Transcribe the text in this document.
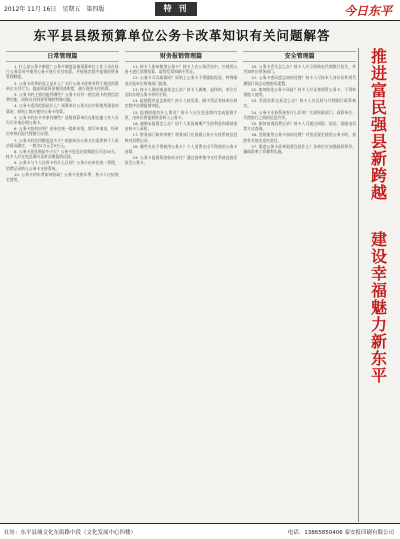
2012年 11月 16日 星期五 第四版	特 刊	今日东平
东平县县级预算单位公务卡改革知识有关问题解答
日常管理篇

1. 什么是公务卡制度？公务卡制度是指预算单位工作人员在执行公务活动中使用公务卡进行支付结算，并按规定程序报销的财务管理制度。

2. 公务卡改革的意义是什么？实行公务卡改革有利于规范预算单位支付行为，提高财政资金使用透明度，减少现金支付结算。

3. 公务卡的主要功能有哪些？公务卡具有一般信用卡的授信消费功能，同时具有财务管理的特殊功能。

4. 公务卡适用范围是什么？预算单位公务支出中原使用现金结算的，原则上都应使用公务卡结算。

5. 公务卡的办卡对象有哪些？县级预算单位在职在编工作人员均可申请办理公务卡。

6. 公务卡如何申领？由单位统一组织申领，填写申请表，经单位审核后报代理银行办理。

7. 公务卡的信用额度是多少？根据单位公务支出需要和个人资信情况确定，一般为2万元至5万元。

8. 公务卡免息期是多少天？公务卡免息还款期最长可达50天，持卡人应在免息期内及时办理报销还款。

9. 公务卡与个人信用卡有什么区别？公务卡由单位统一管理，消费记录纳入公务卡支持系统。

10. 公务卡的年费如何收取？公务卡免收年费，持卡人应按规定使用。

财务报销管理篇

11. 持卡人如何使用公务卡？持卡人在公务活动中，应使用公务卡进行消费结算，取得发票和刷卡凭证。

12. 公务卡可以取现吗？原则上公务卡不得提取现金，特殊情况应报单位财务部门批准。

13. 持卡人调动或退休怎么办？持卡人调离、退休的，单位应及时办理公务卡停用手续。

14. 报销程序是怎样的？持卡人持发票、刷卡凭证等按单位规定程序办理报销审批。

15. 报销时限有什么要求？持卡人应在免息期内完成报销手续，由单位将报销资金转入公务卡。

16. 逾期未报销怎么办？因个人原因逾期产生的利息和滞纳金由持卡人承担。

17. 财务部门如何审核？财务部门应依据公务卡支持系统信息核对消费记录。

18. 哪些支出不得使用公务卡？个人消费支出不得使用公务卡结算。

19. 公务卡报销资金如何支付？通过国库集中支付系统直接还款至公务卡。

安全管理篇

20. 公务卡丢失怎么办？持卡人应立即致电代理银行挂失，并告知单位财务部门。

21. 公务卡密码遗忘如何处理？持卡人可持本人身份证件到代理银行网点办理密码重置。

22. 如何防范公务卡风险？持卡人应妥善保管公务卡，不得转借他人使用。

23. 发现异常交易怎么办？持卡人应及时与代理银行联系核实。

24. 公务卡支持系统有什么作用？实现财政部门、预算单位、代理银行之间的信息共享。

25. 如何查询消费记录？持卡人可通过网银、短信、客服电话等方式查询。

26. 违规使用公务卡如何处理？对违反规定使用公务卡的，依照有关规定追究责任。

27. 推进公务卡改革需要注意什么？各单位应加强组织领导，确保改革工作顺利实施。	推进富民强县新跨越
建设幸福魅力新东平
社址：东平县城文化东街路中段（文化发展中心四楼）	电话：13865850406 泰安报印刷有限公司
